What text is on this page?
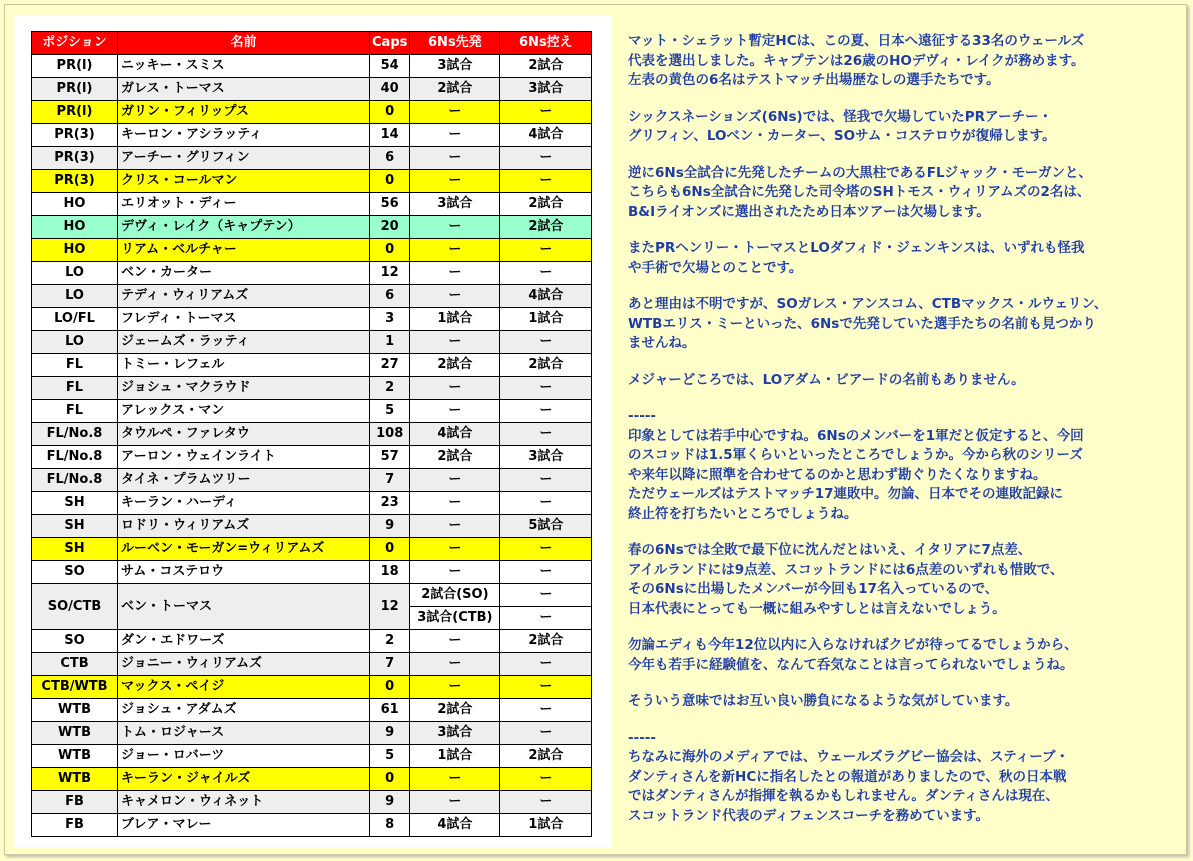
ポジション	名前	Caps	6Ns先発	6Ns控え
PR(l)	ニッキー・スミス	54	3試合	2試合
PR(l)	ガレス・トーマス	40	2試合	3試合
PR(l)	ガリン・フィリップス	0	ー	ー
PR(3)	キーロン・アシラッティ	14	ー	4試合
PR(3)	アーチー・グリフィン	6	ー	ー
PR(3)	クリス・コールマン	0	ー	ー
HO	エリオット・ディー	56	3試合	2試合
HO	デヴィ・レイク（キャプテン）	20	ー	2試合
HO	リアム・ベルチャー	0	ー	ー
LO	ベン・カーター	12	ー	ー
LO	テディ・ウィリアムズ	6	ー	4試合
LO/FL	フレディ・トーマス	3	1試合	1試合
LO	ジェームズ・ラッティ	1	ー	ー
FL	トミー・レフェル	27	2試合	2試合
FL	ジョシュ・マクラウド	2	ー	ー
FL	アレックス・マン	5	ー	ー
FL/No.8	タウルペ・ファレタウ	108	4試合	ー
FL/No.8	アーロン・ウェインライト	57	2試合	3試合
FL/No.8	タイネ・プラムツリー	7	ー	ー
SH	キーラン・ハーディ	23	ー	ー
SH	ロドリ・ウィリアムズ	9	ー	5試合
SH	ルーベン・モーガン=ウィリアムズ	0	ー	ー
SO	サム・コステロウ	18	ー	ー
SO/CTB	ベン・トーマス	12	2試合(SO)	ー
			3試合(CTB)	ー
SO	ダン・エドワーズ	2	ー	2試合
CTB	ジョニー・ウィリアムズ	7	ー	ー
CTB/WTB	マックス・ペイジ	0	ー	ー
WTB	ジョシュ・アダムズ	61	2試合	ー
WTB	トム・ロジャース	9	3試合	ー
WTB	ジョー・ロバーツ	5	1試合	2試合
WTB	キーラン・ジャイルズ	0	ー	ー
FB	キャメロン・ウィネット	9	ー	ー
FB	ブレア・マレー	8	4試合	1試合

マット・シェラット暫定HCは、この夏、日本へ遠征する33名のウェールズ
代表を選出しました。キャプテンは26歳のHOデヴィ・レイクが務めます。
左表の黄色の6名はテストマッチ出場歴なしの選手たちです。

シックスネーションズ(6Ns)では、怪我で欠場していたPRアーチー・
グリフィン、LOベン・カーター、SOサム・コステロウが復帰します。

逆に6Ns全試合に先発したチームの大黒柱であるFLジャック・モーガンと、
こちらも6Ns全試合に先発した司令塔のSHトモス・ウィリアムズの2名は、
B&Iライオンズに選出されたため日本ツアーは欠場します。

またPRヘンリー・トーマスとLOダフィド・ジェンキンスは、いずれも怪我
や手術で欠場とのことです。

あと理由は不明ですが、SOガレス・アンスコム、CTBマックス・ルウェリン、
WTBエリス・ミーといった、6Nsで先発していた選手たちの名前も見つかり
ませんね。

メジャーどころでは、LOアダム・ビアードの名前もありません。

-----

印象としては若手中心ですね。6Nsのメンバーを1軍だと仮定すると、今回
のスコッドは1.5軍くらいといったところでしょうか。今から秋のシリーズ
や来年以降に照準を合わせてるのかと思わず勘ぐりたくなりますね。
ただウェールズはテストマッチ17連敗中。勿論、日本でその連敗記録に
終止符を打ちたいところでしょうね。

春の6Nsでは全敗で最下位に沈んだとはいえ、イタリアに7点差、
アイルランドには9点差、スコットランドには6点差のいずれも惜敗で、
その6Nsに出場したメンバーが今回も17名入っているので、
日本代表にとっても一概に組みやすしとは言えないでしょう。

勿論エディも今年12位以内に入らなければクビが待ってるでしょうから、
今年も若手に経験値を、なんて呑気なことは言ってられないでしょうね。

そういう意味ではお互い良い勝負になるような気がしています。

-----

ちなみに海外のメディアでは、ウェールズラグビー協会は、スティーブ・
ダンティさんを新HCに指名したとの報道がありましたので、秋の日本戦
ではダンティさんが指揮を執るかもしれません。ダンティさんは現在、
スコットランド代表のディフェンスコーチを務めています。
